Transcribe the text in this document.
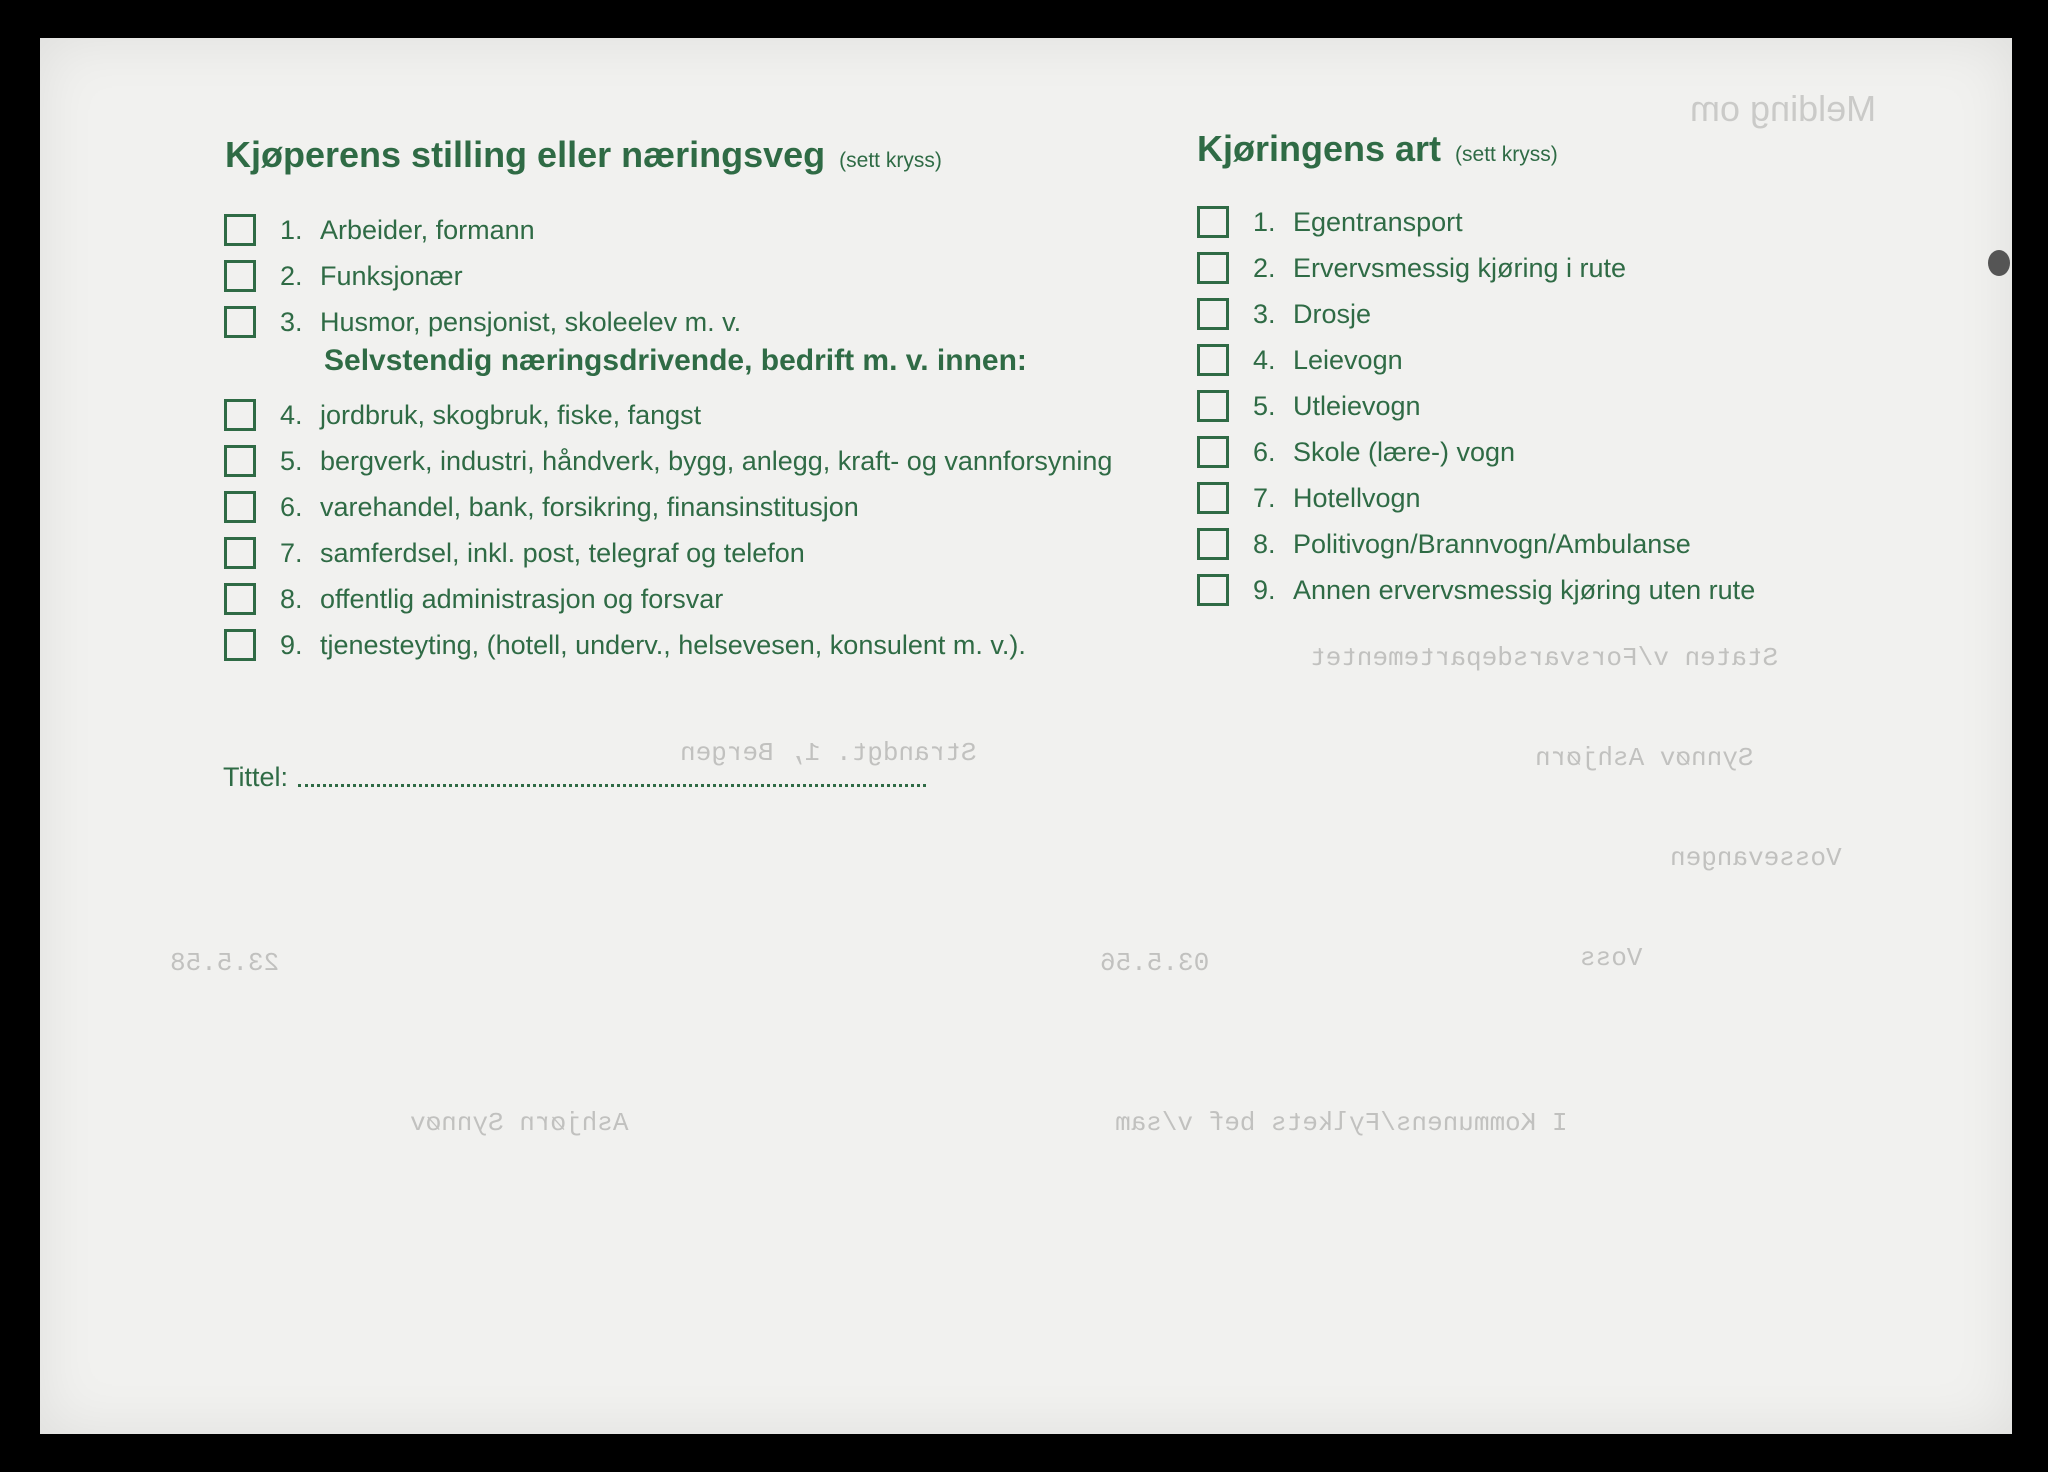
Melding om
Staten v/Forsvarsdepartementet
Synnøv Ashjørn
Vossevangen
Voss
I Kommunens/Fylkets bef v/sam
Ashjørn Synnøv
Strandgt. 1, Bergen
23.5.58	03.5.56
Kjøperens stilling eller næringsveg (sett kryss)
1. Arbeider, formann
2. Funksjonær
3. Husmor, pensjonist, skoleelev m. v.
Selvstendig næringsdrivende, bedrift m. v. innen:
4. jordbruk, skogbruk, fiske, fangst
5. bergverk, industri, håndverk, bygg, anlegg, kraft- og vannforsyning
6. varehandel, bank, forsikring, finansinstitusjon
7. samferdsel, inkl. post, telegraf og telefon
8. offentlig administrasjon og forsvar
9. tjenesteyting, (hotell, underv., helsevesen, konsulent m. v.).
Tittel:
Kjøringens art (sett kryss)
1. Egentransport
2. Ervervsmessig kjøring i rute
3. Drosje
4. Leievogn
5. Utleievogn
6. Skole (lære-) vogn
7. Hotellvogn
8. Politivogn/Brannvogn/Ambulanse
9. Annen ervervsmessig kjøring uten rute
